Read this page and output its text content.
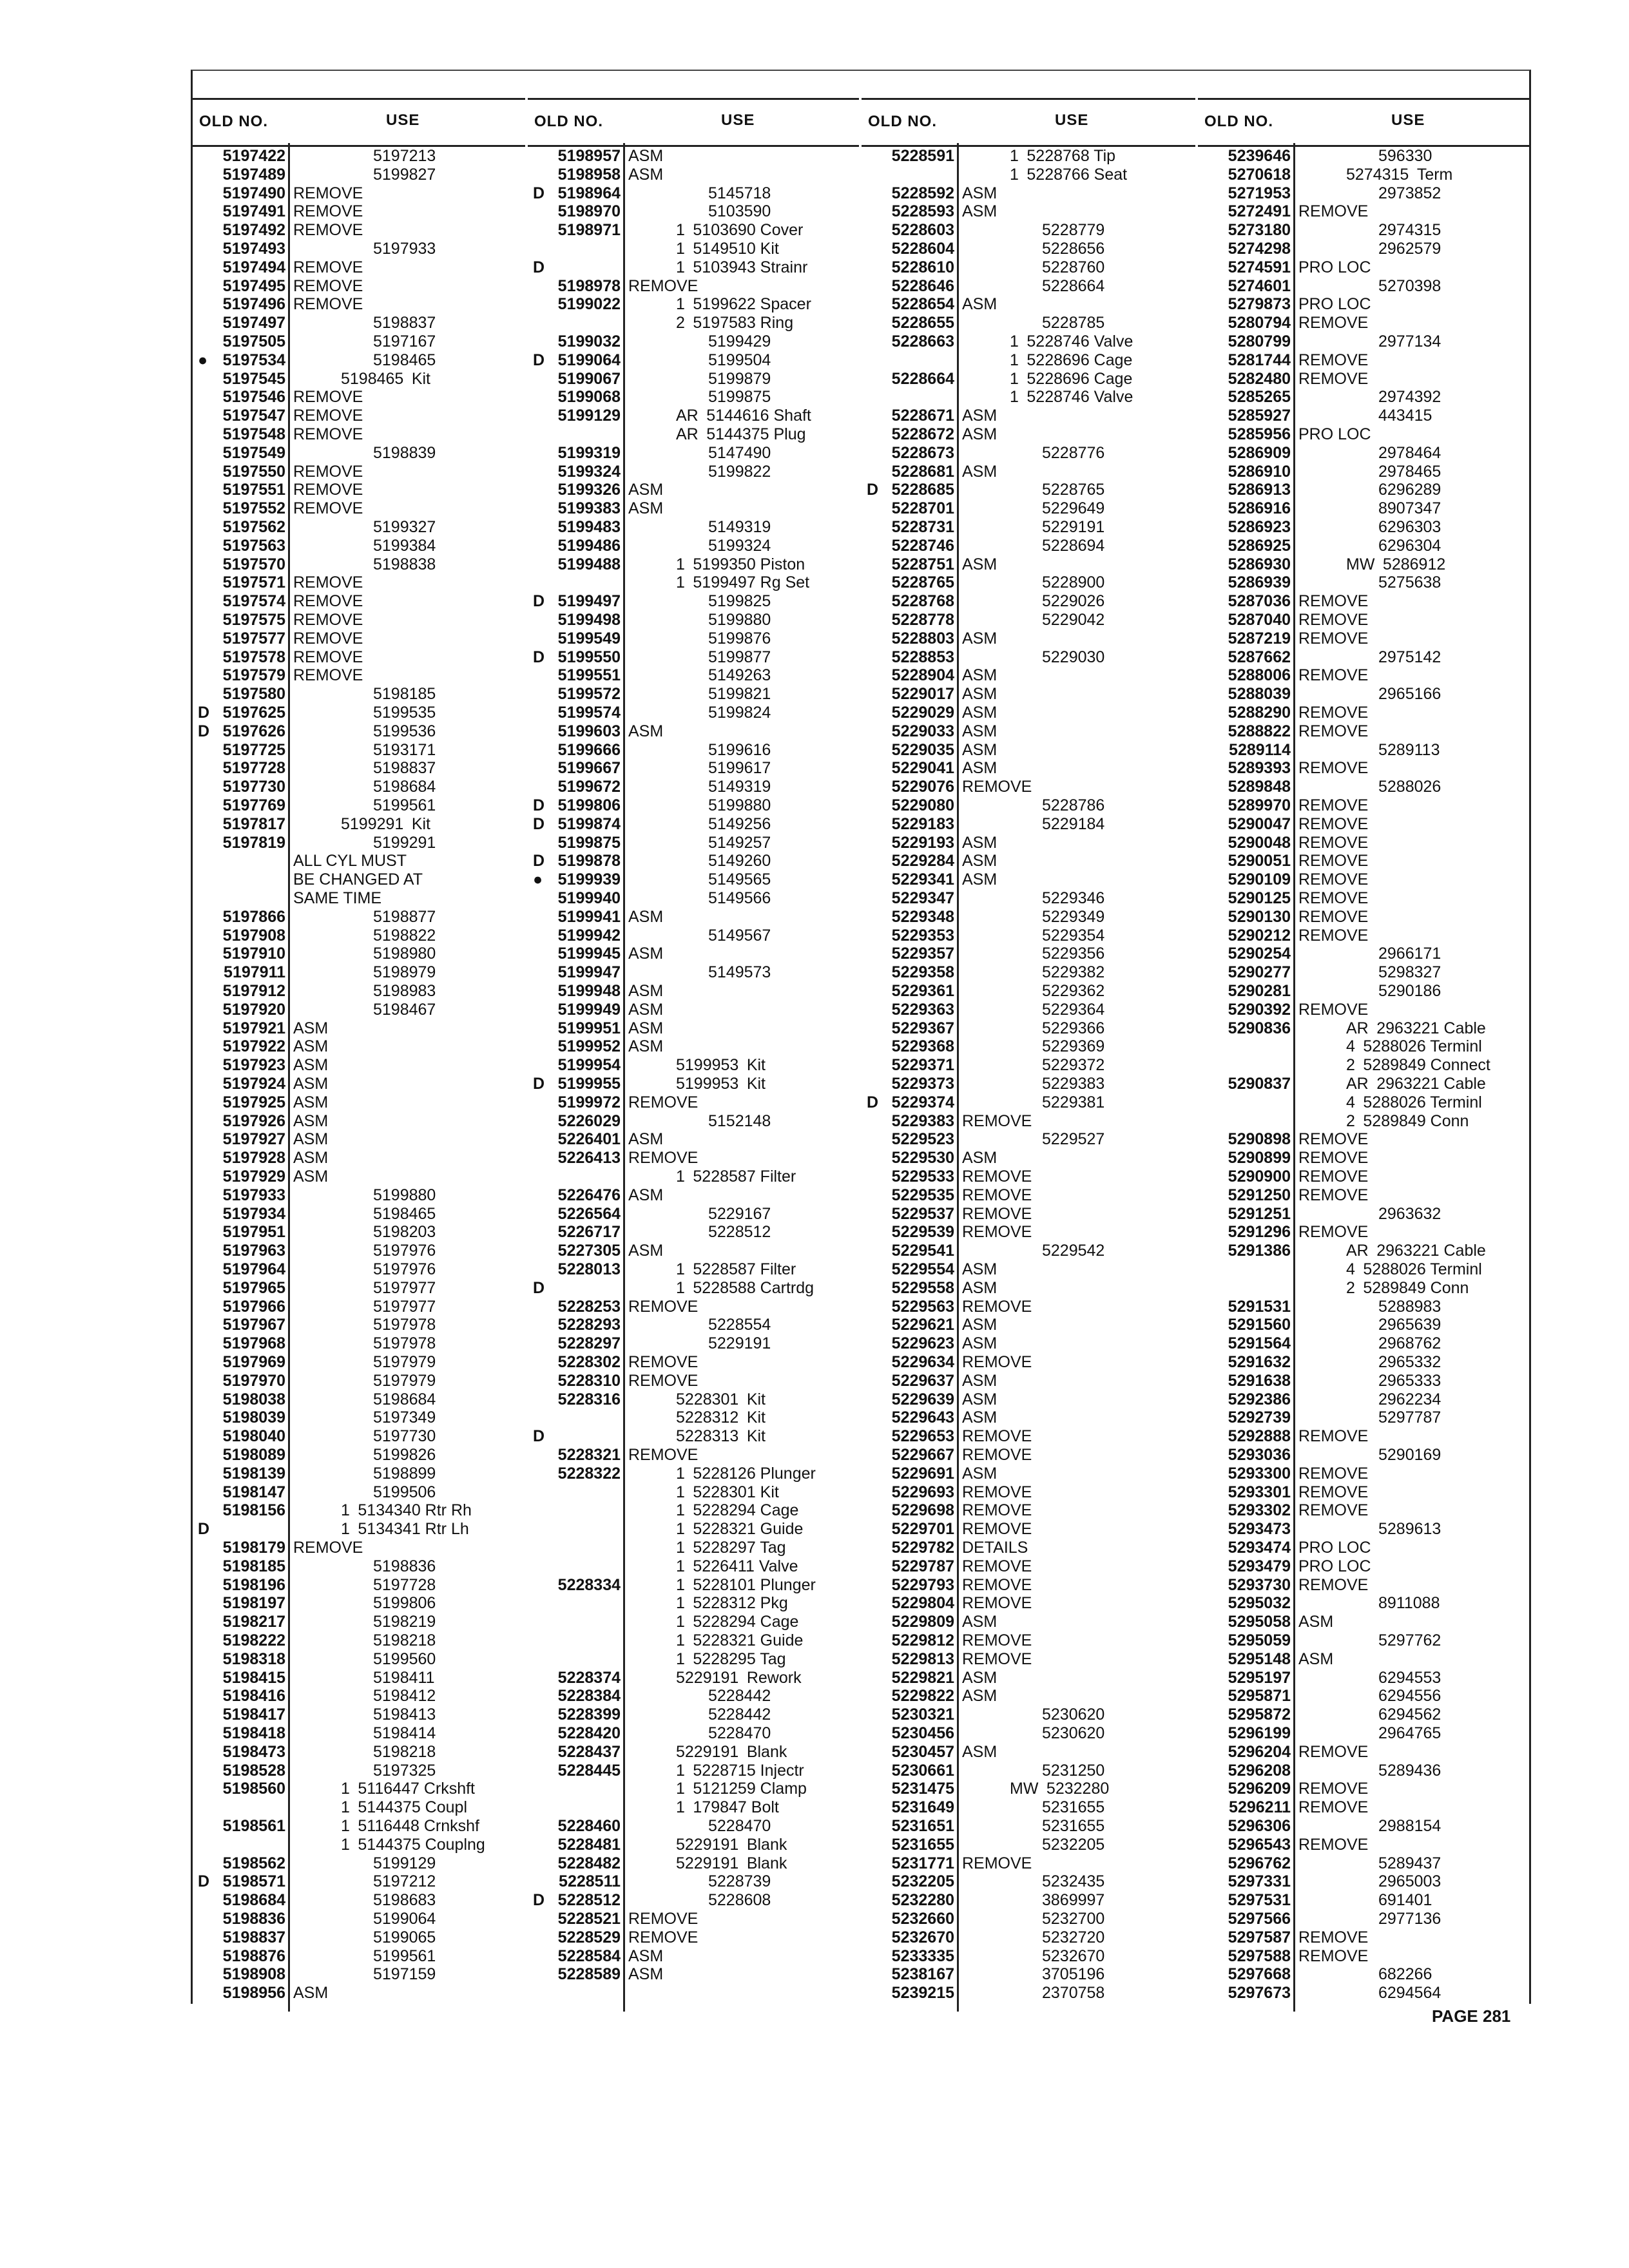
OLD NO.	USE
5197422	5197213
5197489	5199827
5197490 REMOVE
5197491 REMOVE
5197492 REMOVE
5197493	5197933
5197494 REMOVE
5197495 REMOVE
5197496 REMOVE
5197497	5198837
5197505	5197167
● 5197534	5198465
5197545	5198465 Kit
5197546 REMOVE
5197547 REMOVE
5197548 REMOVE
5197549	5198839
5197550 REMOVE
5197551 REMOVE
5197552 REMOVE
5197562	5199327
5197563	5199384
5197570	5198838
5197571 REMOVE
5197574 REMOVE
5197575 REMOVE
5197577 REMOVE
5197578 REMOVE
5197579 REMOVE
5197580	5198185
D 5197625	5199535
D 5197626	5199536
5197725	5193171
5197728	5198837
5197730	5198684
5197769	5199561
5197817	5199291 Kit
5197819	5199291
ALL CYL MUST
BE CHANGED AT
SAME TIME
5197866	5198877
5197908	5198822
5197910	5198980
5197911	5198979
5197912	5198983
5197920	5198467
5197921 ASM
5197922 ASM
5197923 ASM
5197924 ASM
5197925 ASM
5197926 ASM
5197927 ASM
5197928 ASM
5197929 ASM
5197933	5199880
5197934	5198465
5197951	5198203
5197963	5197976
5197964	5197976
5197965	5197977
5197966	5197977
5197967	5197978
5197968	5197978
5197969	5197979
5197970	5197979
5198038	5198684
5198039	5197349
5198040	5197730
5198089	5199826
5198139	5198899
5198147	5199506
5198156	1 5134340 Rtr Rh
D	1 5134341 Rtr Lh
5198179 REMOVE
5198185	5198836
5198196	5197728
5198197	5199806
5198217	5198219
5198222	5198218
5198318	5199560
5198415	5198411
5198416	5198412
5198417	5198413
5198418	5198414
5198473	5198218
5198528	5197325
5198560	1 5116447 Crkshft
1 5144375 Coupl
5198561	1 5116448 Crnkshf
1 5144375 Couplng
5198562	5199129
D 5198571	5197212
5198684	5198683
5198836	5199064
5198837	5199065
5198876	5199561
5198908	5197159
5198956 ASM
OLD NO.	USE
5198957 ASM
5198958 ASM
D 5198964	5145718
5198970	5103590
5198971	1 5103690 Cover
1 5149510 Kit
D	1 5103943 Strainr
5198978 REMOVE
5199022	1 5199622 Spacer
2 5197583 Ring
5199032	5199429
D 5199064	5199504
5199067	5199879
5199068	5199875
5199129	AR 5144616 Shaft
AR 5144375 Plug
5199319	5147490
5199324	5199822
5199326 ASM
5199383 ASM
5199483	5149319
5199486	5199324
5199488	1 5199350 Piston
1 5199497 Rg Set
D 5199497	5199825
5199498	5199880
5199549	5199876
D 5199550	5199877
5199551	5149263
5199572	5199821
5199574	5199824
5199603 ASM
5199666	5199616
5199667	5199617
5199672	5149319
D 5199806	5199880
D 5199874	5149256
5199875	5149257
D 5199878	5149260
● 5199939	5149565
5199940	5149566
5199941 ASM
5199942	5149567
5199945 ASM
5199947	5149573
5199948 ASM
5199949 ASM
5199951 ASM
5199952 ASM
5199954	5199953 Kit
D 5199955	5199953 Kit
5199972 REMOVE
5226029	5152148
5226401 ASM
5226413 REMOVE
1 5228587 Filter
5226476 ASM
5226564	5229167
5226717	5228512
5227305 ASM
5228013	1 5228587 Filter
D	1 5228588 Cartrdg
5228253 REMOVE
5228293	5228554
5228297	5229191
5228302 REMOVE
5228310 REMOVE
5228316	5228301 Kit
5228312 Kit
D	5228313 Kit
5228321 REMOVE
5228322	1 5228126 Plunger
1 5228301 Kit
1 5228294 Cage
1 5228321 Guide
1 5228297 Tag
1 5226411 Valve
5228334	1 5228101 Plunger
1 5228312 Pkg
1 5228294 Cage
1 5228321 Guide
1 5228295 Tag
5228374	5229191 Rework
5228384	5228442
5228399	5228442
5228420	5228470
5228437	5229191 Blank
5228445	1 5228715 Injectr
1 5121259 Clamp
1 179847 Bolt
5228460	5228470
5228481	5229191 Blank
5228482	5229191 Blank
5228511	5228739
D 5228512	5228608
5228521 REMOVE
5228529 REMOVE
5228584 ASM
5228589 ASM
OLD NO.	USE
5228591	1 5228768 Tip
1 5228766 Seat
5228592 ASM
5228593 ASM
5228603	5228779
5228604	5228656
5228610	5228760
5228646	5228664
5228654 ASM
5228655	5228785
5228663	1 5228746 Valve
1 5228696 Cage
5228664	1 5228696 Cage
1 5228746 Valve
5228671 ASM
5228672 ASM
5228673	5228776
5228681 ASM
D 5228685	5228765
5228701	5229649
5228731	5229191
5228746	5228694
5228751 ASM
5228765	5228900
5228768	5229026
5228778	5229042
5228803 ASM
5228853	5229030
5228904 ASM
5229017 ASM
5229029 ASM
5229033 ASM
5229035 ASM
5229041 ASM
5229076 REMOVE
5229080	5228786
5229183	5229184
5229193 ASM
5229284 ASM
5229341 ASM
5229347	5229346
5229348	5229349
5229353	5229354
5229357	5229356
5229358	5229382
5229361	5229362
5229363	5229364
5229367	5229366
5229368	5229369
5229371	5229372
5229373	5229383
D 5229374	5229381
5229383 REMOVE
5229523	5229527
5229530 ASM
5229533 REMOVE
5229535 REMOVE
5229537 REMOVE
5229539 REMOVE
5229541	5229542
5229554 ASM
5229558 ASM
5229563 REMOVE
5229621 ASM
5229623 ASM
5229634 REMOVE
5229637 ASM
5229639 ASM
5229643 ASM
5229653 REMOVE
5229667 REMOVE
5229691 ASM
5229693 REMOVE
5229698 REMOVE
5229701 REMOVE
5229782 DETAILS
5229787 REMOVE
5229793 REMOVE
5229804 REMOVE
5229809 ASM
5229812 REMOVE
5229813 REMOVE
5229821 ASM
5229822 ASM
5230321	5230620
5230456	5230620
5230457 ASM
5230661	5231250
5231475	MW 5232280
5231649	5231655
5231651	5231655
5231655	5232205
5231771 REMOVE
5232205	5232435
5232280	3869997
5232660	5232700
5232670	5232720
5233335	5232670
5238167	3705196
5239215	2370758
OLD NO.	USE
5239646	596330
5270618	5274315 Term
5271953	2973852
5272491 REMOVE
5273180	2974315
5274298	2962579
5274591 PRO LOC
5274601	5270398
5279873 PRO LOC
5280794 REMOVE
5280799	2977134
5281744 REMOVE
5282480 REMOVE
5285265	2974392
5285927	443415
5285956 PRO LOC
5286909	2978464
5286910	2978465
5286913	6296289
5286916	8907347
5286923	6296303
5286925	6296304
5286930	MW 5286912
5286939	5275638
5287036 REMOVE
5287040 REMOVE
5287219 REMOVE
5287662	2975142
5288006 REMOVE
5288039	2965166
5288290 REMOVE
5288822 REMOVE
5289114	5289113
5289393 REMOVE
5289848	5288026
5289970 REMOVE
5290047 REMOVE
5290048 REMOVE
5290051 REMOVE
5290109 REMOVE
5290125 REMOVE
5290130 REMOVE
5290212 REMOVE
5290254	2966171
5290277	5298327
5290281	5290186
5290392 REMOVE
5290836	AR 2963221 Cable
4 5288026 Terminl
2 5289849 Connect
5290837	AR 2963221 Cable
4 5288026 Terminl
2 5289849 Conn
5290898 REMOVE
5290899 REMOVE
5290900 REMOVE
5291250 REMOVE
5291251	2963632
5291296 REMOVE
5291386	AR 2963221 Cable
4 5288026 Terminl
2 5289849 Conn
5291531	5288983
5291560	2965639
5291564	2968762
5291632	2965332
5291638	2965333
5292386	2962234
5292739	5297787
5292888 REMOVE
5293036	5290169
5293300 REMOVE
5293301 REMOVE
5293302 REMOVE
5293473	5289613
5293474 PRO LOC
5293479 PRO LOC
5293730 REMOVE
5295032	8911088
5295058 ASM
5295059	5297762
5295148 ASM
5295197	6294553
5295871	6294556
5295872	6294562
5296199	2964765
5296204 REMOVE
5296208	5289436
5296209 REMOVE
5296211 REMOVE
5296306	2988154
5296543 REMOVE
5296762	5289437
5297331	2965003
5297531	691401
5297566	2977136
5297587 REMOVE
5297588 REMOVE
5297668	682266
5297673	6294564
PAGE 281
